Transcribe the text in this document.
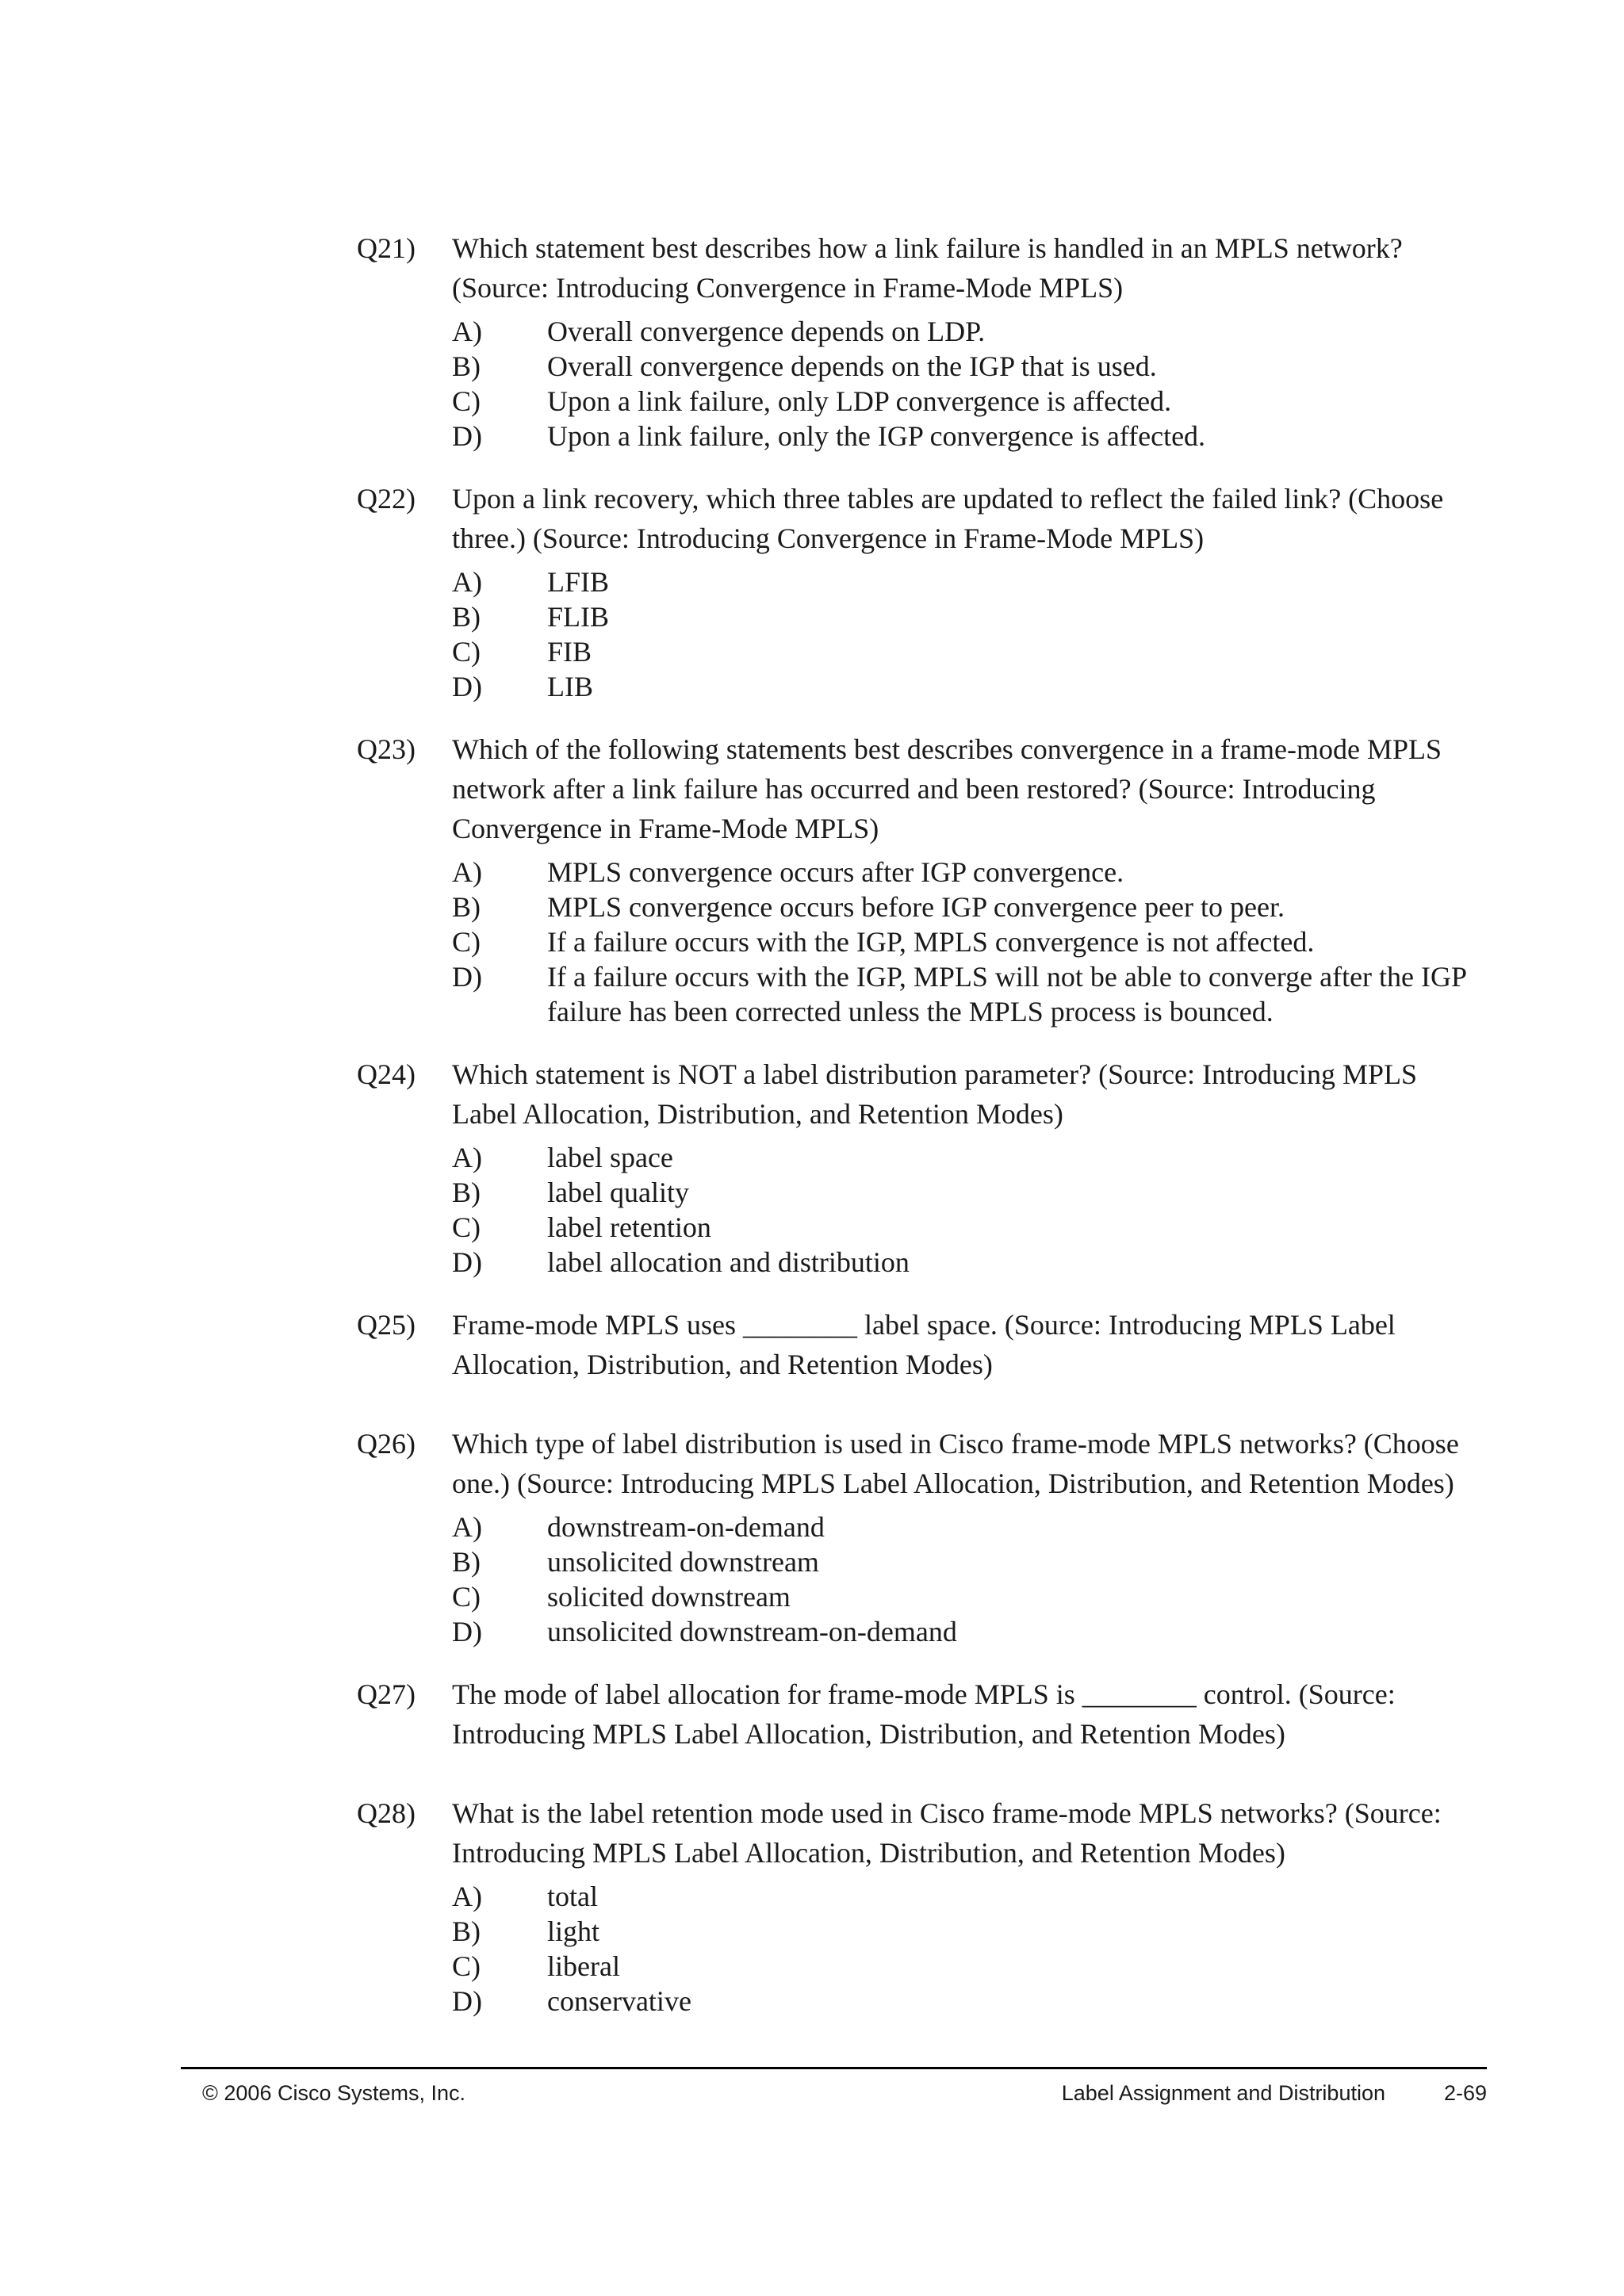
Q21)	Which statement best describes how a link failure is handled in an MPLS network? (Source: Introducing Convergence in Frame-Mode MPLS)
A)	Overall convergence depends on LDP.
B)	Overall convergence depends on the IGP that is used.
C)	Upon a link failure, only LDP convergence is affected.
D)	Upon a link failure, only the IGP convergence is affected.
Q22)	Upon a link recovery, which three tables are updated to reflect the failed link? (Choose three.) (Source: Introducing Convergence in Frame-Mode MPLS)
A)	LFIB
B)	FLIB
C)	FIB
D)	LIB
Q23)	Which of the following statements best describes convergence in a frame-mode MPLS network after a link failure has occurred and been restored? (Source: Introducing Convergence in Frame-Mode MPLS)
A)	MPLS convergence occurs after IGP convergence.
B)	MPLS convergence occurs before IGP convergence peer to peer.
C)	If a failure occurs with the IGP, MPLS convergence is not affected.
D)	If a failure occurs with the IGP, MPLS will not be able to converge after the IGP failure has been corrected unless the MPLS process is bounced.
Q24)	Which statement is NOT a label distribution parameter? (Source: Introducing MPLS Label Allocation, Distribution, and Retention Modes)
A)	label space
B)	label quality
C)	label retention
D)	label allocation and distribution
Q25)	Frame-mode MPLS uses ________ label space. (Source: Introducing MPLS Label Allocation, Distribution, and Retention Modes)
Q26)	Which type of label distribution is used in Cisco frame-mode MPLS networks? (Choose one.) (Source: Introducing MPLS Label Allocation, Distribution, and Retention Modes)
A)	downstream-on-demand
B)	unsolicited downstream
C)	solicited downstream
D)	unsolicited downstream-on-demand
Q27)	The mode of label allocation for frame-mode MPLS is ________ control. (Source: Introducing MPLS Label Allocation, Distribution, and Retention Modes)
Q28)	What is the label retention mode used in Cisco frame-mode MPLS networks? (Source: Introducing MPLS Label Allocation, Distribution, and Retention Modes)
A)	total
B)	light
C)	liberal
D)	conservative
© 2006 Cisco Systems, Inc.	Label Assignment and Distribution	2-69
